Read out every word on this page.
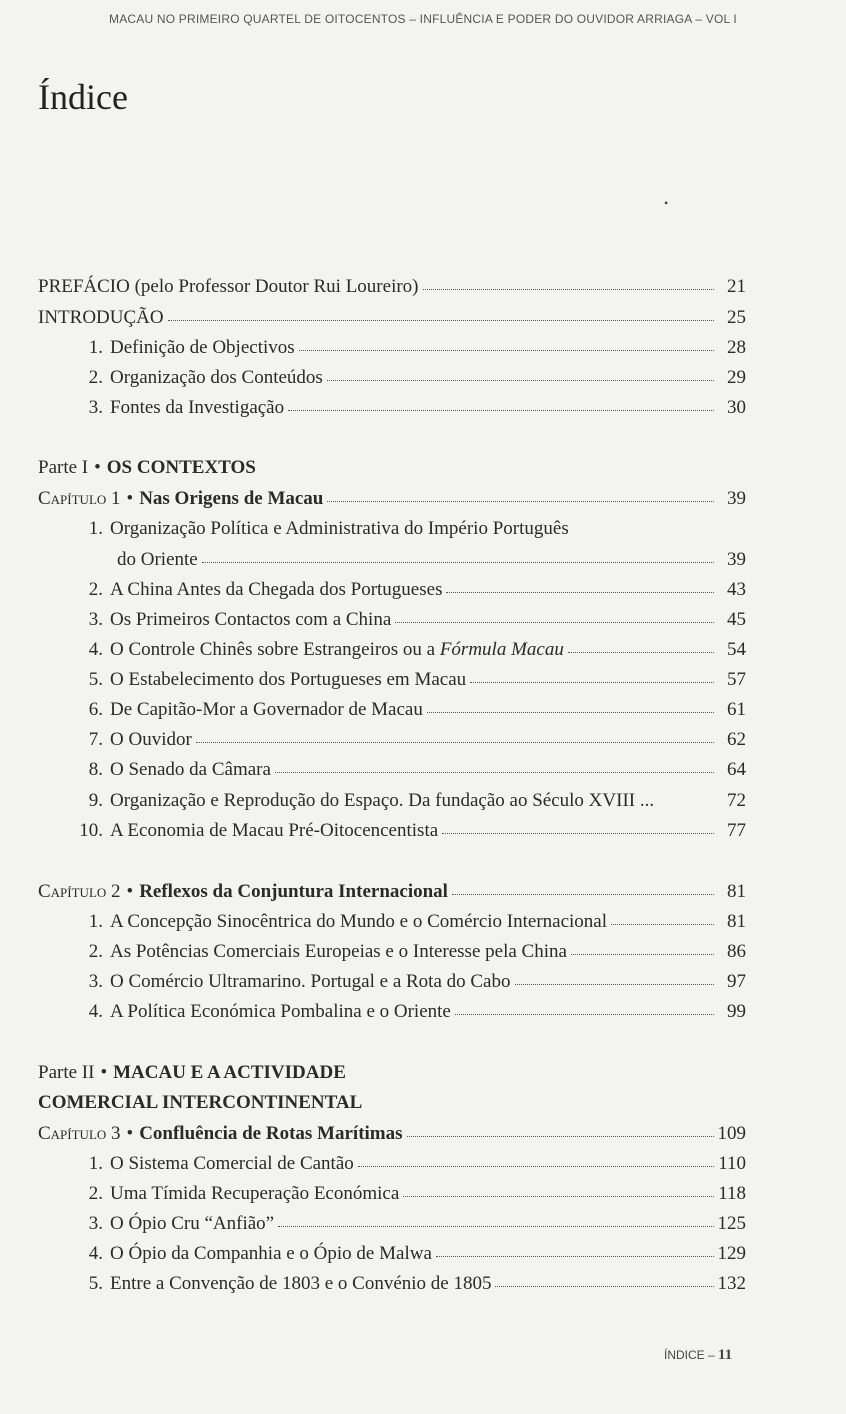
MACAU NO PRIMEIRO QUARTEL DE OITOCENTOS – INFLUÊNCIA E PODER DO OUVIDOR ARRIAGA – VOL I
Índice
•
PREFÁCIO (pelo Professor Doutor Rui Loureiro)	21
INTRODUÇÃO	25
1. Definição de Objectivos	28
2. Organização dos Conteúdos	29
3. Fontes da Investigação	30
Parte I • OS CONTEXTOS
Capítulo 1 • Nas Origens de Macau	39
1. Organização Política e Administrativa do Império Português
do Oriente	39
2. A China Antes da Chegada dos Portugueses	43
3. Os Primeiros Contactos com a China	45
4. O Controle Chinês sobre Estrangeiros ou a Fórmula Macau	54
5. O Estabelecimento dos Portugueses em Macau	57
6. De Capitão-Mor a Governador de Macau	61
7. O Ouvidor	62
8. O Senado da Câmara	64
9. Organização e Reprodução do Espaço. Da fundação ao Século XVIII ...	72
10. A Economia de Macau Pré-Oitocencentista	77
Capítulo 2 • Reflexos da Conjuntura Internacional	81
1. A Concepção Sinocêntrica do Mundo e o Comércio Internacional	81
2. As Potências Comerciais Europeias e o Interesse pela China	86
3. O Comércio Ultramarino. Portugal e a Rota do Cabo	97
4. A Política Económica Pombalina e o Oriente	99
Parte II • MACAU E A ACTIVIDADE
COMERCIAL INTERCONTINENTAL
Capítulo 3 • Confluência de Rotas Marítimas	109
1. O Sistema Comercial de Cantão	110
2. Uma Tímida Recuperação Económica	118
3. O Ópio Cru “Anfião”	125
4. O Ópio da Companhia e o Ópio de Malwa	129
5. Entre a Convenção de 1803 e o Convénio de 1805	132
ÍNDICE – 11
